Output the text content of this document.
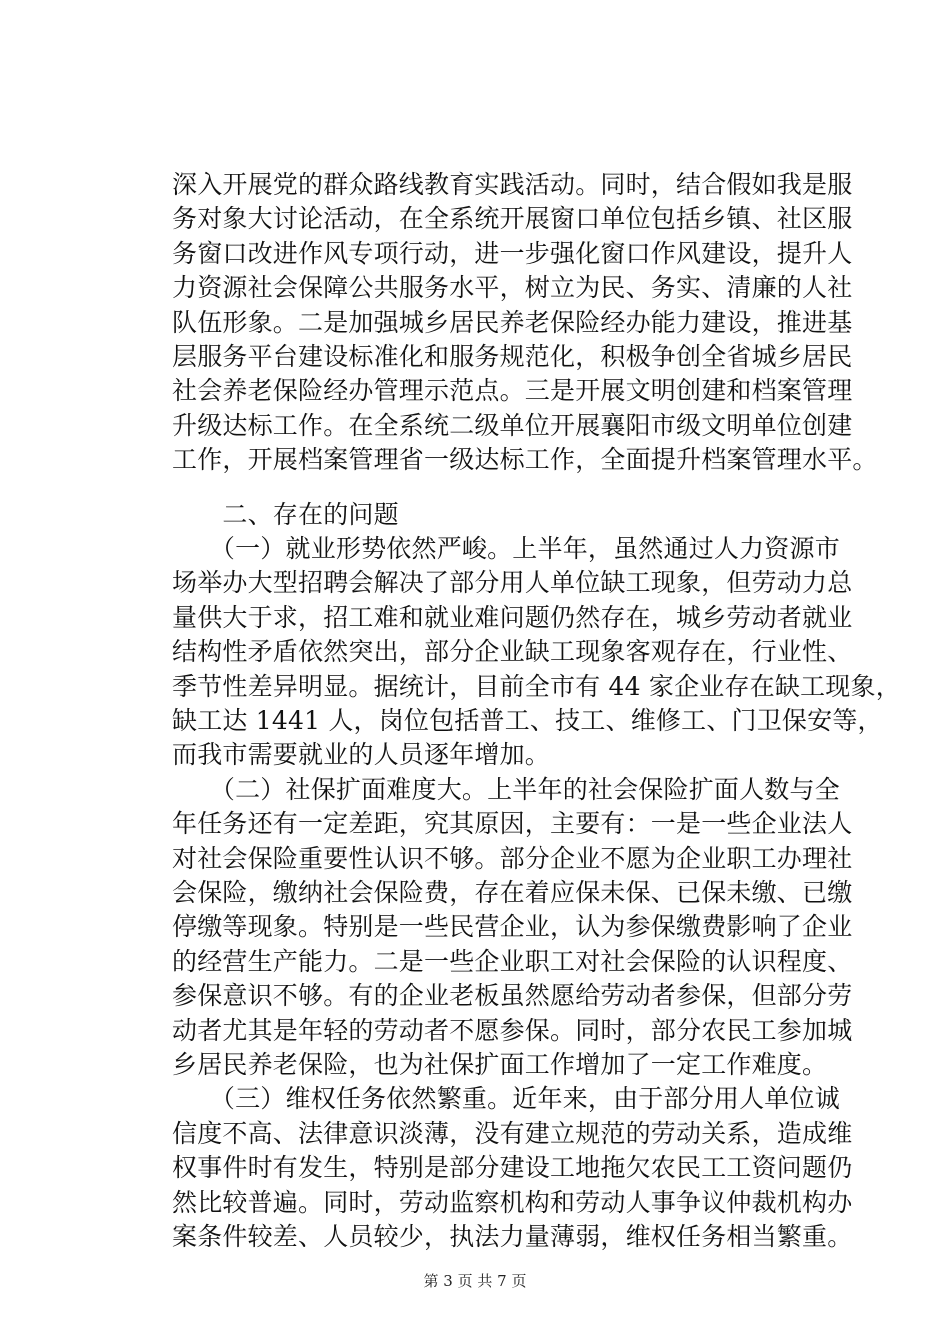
深入开展党的群众路线教育实践活动。同时，结合假如我是服
务对象大讨论活动，在全系统开展窗口单位包括乡镇、社区服
务窗口改进作风专项行动，进一步强化窗口作风建设，提升人
力资源社会保障公共服务水平，树立为民、务实、清廉的人社
队伍形象。二是加强城乡居民养老保险经办能力建设，推进基
层服务平台建设标准化和服务规范化，积极争创全省城乡居民
社会养老保险经办管理示范点。三是开展文明创建和档案管理
升级达标工作。在全系统二级单位开展襄阳市级文明单位创建
工作，开展档案管理省一级达标工作，全面提升档案管理水平。
　　二、存在的问题
　　（一）就业形势依然严峻。上半年，虽然通过人力资源市
场举办大型招聘会解决了部分用人单位缺工现象，但劳动力总
量供大于求，招工难和就业难问题仍然存在，城乡劳动者就业
结构性矛盾依然突出，部分企业缺工现象客观存在，行业性、
季节性差异明显。据统计，目前全市有 44 家企业存在缺工现象，
缺工达 1441 人，岗位包括普工、技工、维修工、门卫保安等，
而我市需要就业的人员逐年增加。
　　（二）社保扩面难度大。上半年的社会保险扩面人数与全
年任务还有一定差距，究其原因，主要有：一是一些企业法人
对社会保险重要性认识不够。部分企业不愿为企业职工办理社
会保险，缴纳社会保险费，存在着应保未保、已保未缴、已缴
停缴等现象。特别是一些民营企业，认为参保缴费影响了企业
的经营生产能力。二是一些企业职工对社会保险的认识程度、
参保意识不够。有的企业老板虽然愿给劳动者参保，但部分劳
动者尤其是年轻的劳动者不愿参保。同时，部分农民工参加城
乡居民养老保险，也为社保扩面工作增加了一定工作难度。
　　（三）维权任务依然繁重。近年来，由于部分用人单位诚
信度不高、法律意识淡薄，没有建立规范的劳动关系，造成维
权事件时有发生，特别是部分建设工地拖欠农民工工资问题仍
然比较普遍。同时，劳动监察机构和劳动人事争议仲裁机构办
案条件较差、人员较少，执法力量薄弱，维权任务相当繁重。
第 3 页 共 7 页
